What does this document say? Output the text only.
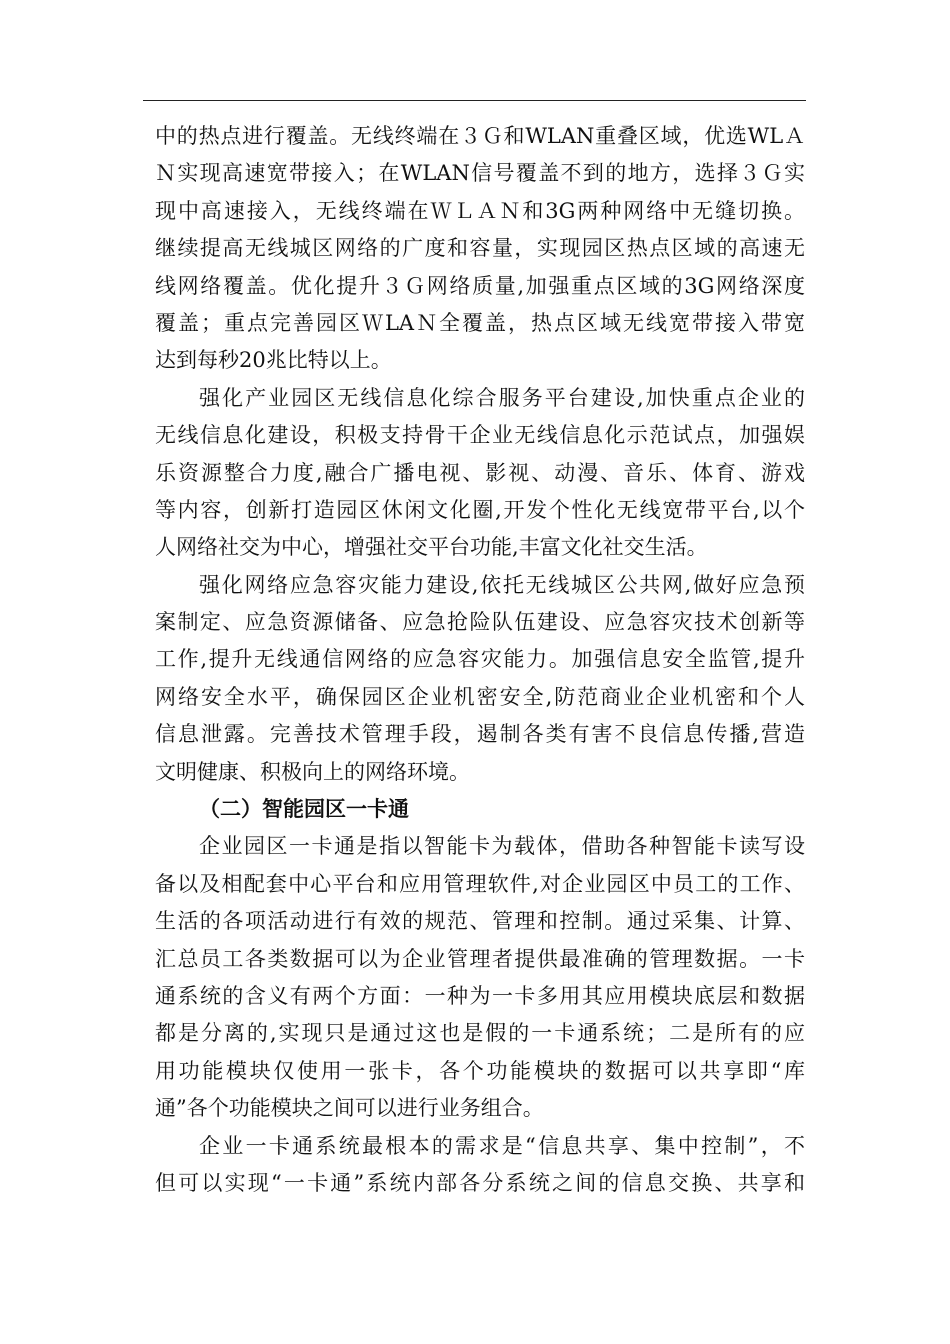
中的热点进行覆盖。无线终端在３Ｇ和WLAN重叠区域，优选WLＡ
Ｎ实现高速宽带接入；在WLAN信号覆盖不到的地方，选择３Ｇ实
现中高速接入，无线终端在ＷＬＡＮ和3G两种网络中无缝切换。
继续提高无线城区网络的广度和容量，实现园区热点区域的高速无
线网络覆盖。优化提升３Ｇ网络质量,加强重点区域的3G网络深度
覆盖；重点完善园区ＷLAＮ全覆盖，热点区域无线宽带接入带宽
达到每秒20兆比特以上。
强化产业园区无线信息化综合服务平台建设,加快重点企业的
无线信息化建设，积极支持骨干企业无线信息化示范试点，加强娱
乐资源整合力度,融合广播电视、影视、动漫、音乐、体育、游戏
等内容，创新打造园区休闲文化圈,开发个性化无线宽带平台,以个
人网络社交为中心，增强社交平台功能,丰富文化社交生活。
强化网络应急容灾能力建设,依托无线城区公共网,做好应急预
案制定、应急资源储备、应急抢险队伍建设、应急容灾技术创新等
工作,提升无线通信网络的应急容灾能力。加强信息安全监管,提升
网络安全水平，确保园区企业机密安全,防范商业企业机密和个人
信息泄露。完善技术管理手段，遏制各类有害不良信息传播,营造
文明健康、积极向上的网络环境。
（二）智能园区一卡通
企业园区一卡通是指以智能卡为载体，借助各种智能卡读写设
备以及相配套中心平台和应用管理软件,对企业园区中员工的工作、
生活的各项活动进行有效的规范、管理和控制。通过采集、计算、
汇总员工各类数据可以为企业管理者提供最准确的管理数据。一卡
通系统的含义有两个方面：一种为一卡多用其应用模块底层和数据
都是分离的,实现只是通过这也是假的一卡通系统；二是所有的应
用功能模块仅使用一张卡，各个功能模块的数据可以共享即“库
通”各个功能模块之间可以进行业务组合。
企业一卡通系统最根本的需求是“信息共享、集中控制”，不
但可以实现“一卡通”系统内部各分系统之间的信息交换、共享和
